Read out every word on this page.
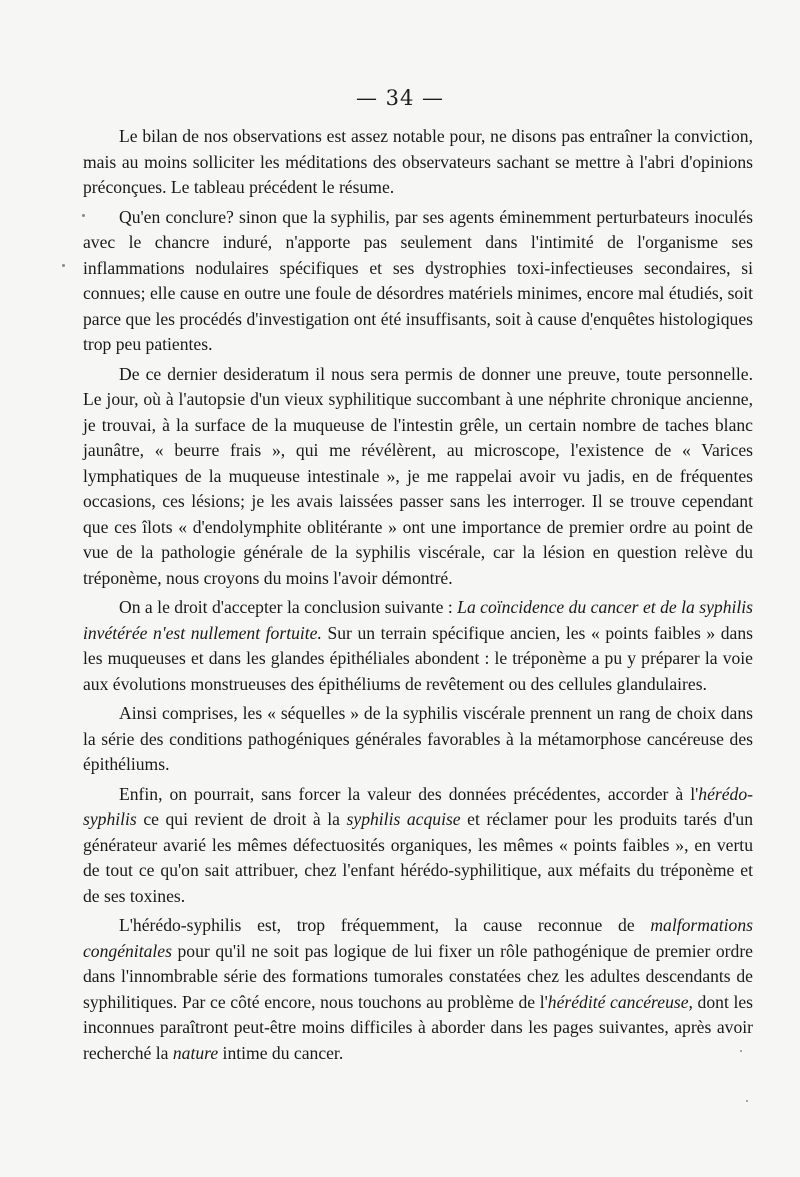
— 34 —

Le bilan de nos observations est assez notable pour, ne disons pas entraîner la conviction, mais au moins solliciter les méditations des observateurs sachant se mettre à l'abri d'opinions préconçues. Le tableau précédent le résume.

Qu'en conclure? sinon que la syphilis, par ses agents éminemment perturbateurs inoculés avec le chancre induré, n'apporte pas seulement dans l'intimité de l'organisme ses inflammations nodulaires spécifiques et ses dystrophies toxi-infectieuses secondaires, si connues; elle cause en outre une foule de désordres matériels minimes, encore mal étudiés, soit parce que les procédés d'investigation ont été insuffisants, soit à cause d'enquêtes histologiques trop peu patientes.

De ce dernier desideratum il nous sera permis de donner une preuve, toute personnelle. Le jour, où à l'autopsie d'un vieux syphilitique succombant à une néphrite chronique ancienne, je trouvai, à la surface de la muqueuse de l'intestin grêle, un certain nombre de taches blanc jaunâtre, « beurre frais », qui me révélèrent, au microscope, l'existence de « Varices lymphatiques de la muqueuse intestinale », je me rappelai avoir vu jadis, en de fréquentes occasions, ces lésions; je les avais laissées passer sans les interroger. Il se trouve cependant que ces îlots « d'endolymphite oblitérante » ont une importance de premier ordre au point de vue de la pathologie générale de la syphilis viscérale, car la lésion en question relève du tréponème, nous croyons du moins l'avoir démontré.

On a le droit d'accepter la conclusion suivante : La coïncidence du cancer et de la syphilis invétérée n'est nullement fortuite. Sur un terrain spécifique ancien, les « points faibles » dans les muqueuses et dans les glandes épithéliales abondent : le tréponème a pu y préparer la voie aux évolutions monstrueuses des épithéliums de revêtement ou des cellules glandulaires.

Ainsi comprises, les « séquelles » de la syphilis viscérale prennent un rang de choix dans la série des conditions pathogéniques générales favorables à la métamorphose cancéreuse des épithéliums.

Enfin, on pourrait, sans forcer la valeur des données précédentes, accorder à l'hérédo-syphilis ce qui revient de droit à la syphilis acquise et réclamer pour les produits tarés d'un générateur avarié les mêmes défectuosités organiques, les mêmes « points faibles », en vertu de tout ce qu'on sait attribuer, chez l'enfant hérédo-syphilitique, aux méfaits du tréponème et de ses toxines.

L'hérédo-syphilis est, trop fréquemment, la cause reconnue de malformations congénitales pour qu'il ne soit pas logique de lui fixer un rôle pathogénique de premier ordre dans l'innombrable série des formations tumorales constatées chez les adultes descendants de syphilitiques. Par ce côté encore, nous touchons au problème de l'hérédité cancéreuse, dont les inconnues paraîtront peut-être moins difficiles à aborder dans les pages suivantes, après avoir recherché la nature intime du cancer.
